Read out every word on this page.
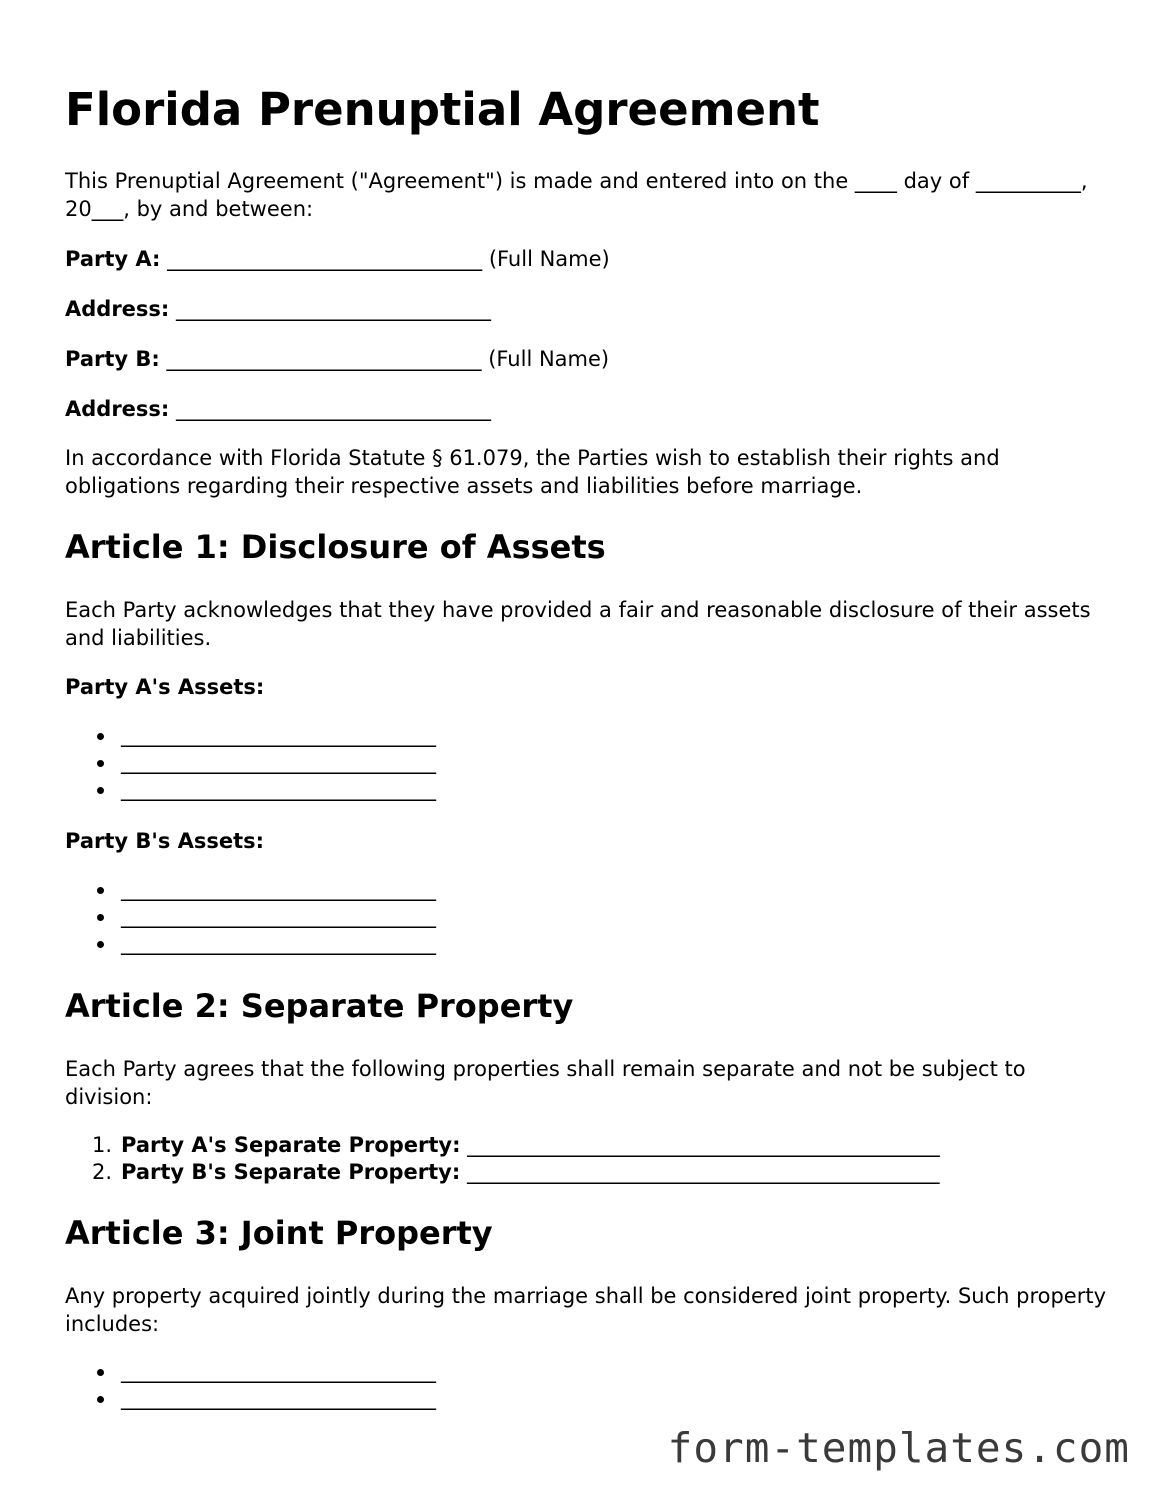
Florida Prenuptial Agreement

This Prenuptial Agreement ("Agreement") is made and entered into on the ____ day of __________, 20___, by and between:

Party A: ______________________________ (Full Name)
Address: ______________________________
Party B: ______________________________ (Full Name)
Address: ______________________________

In accordance with Florida Statute § 61.079, the Parties wish to establish their rights and obligations regarding their respective assets and liabilities before marriage.

Article 1: Disclosure of Assets

Each Party acknowledges that they have provided a fair and reasonable disclosure of their assets and liabilities.

Party A's Assets:
______________________________
______________________________
______________________________
Party B's Assets:
______________________________
______________________________
______________________________
Article 2: Separate Property

Each Party agrees that the following properties shall remain separate and not be subject to division:

1. Party A's Separate Property: _____________________________________________
2. Party B's Separate Property: _____________________________________________
Article 3: Joint Property

Any property acquired jointly during the marriage shall be considered joint property. Such property includes:

______________________________
______________________________
form-templates.com
